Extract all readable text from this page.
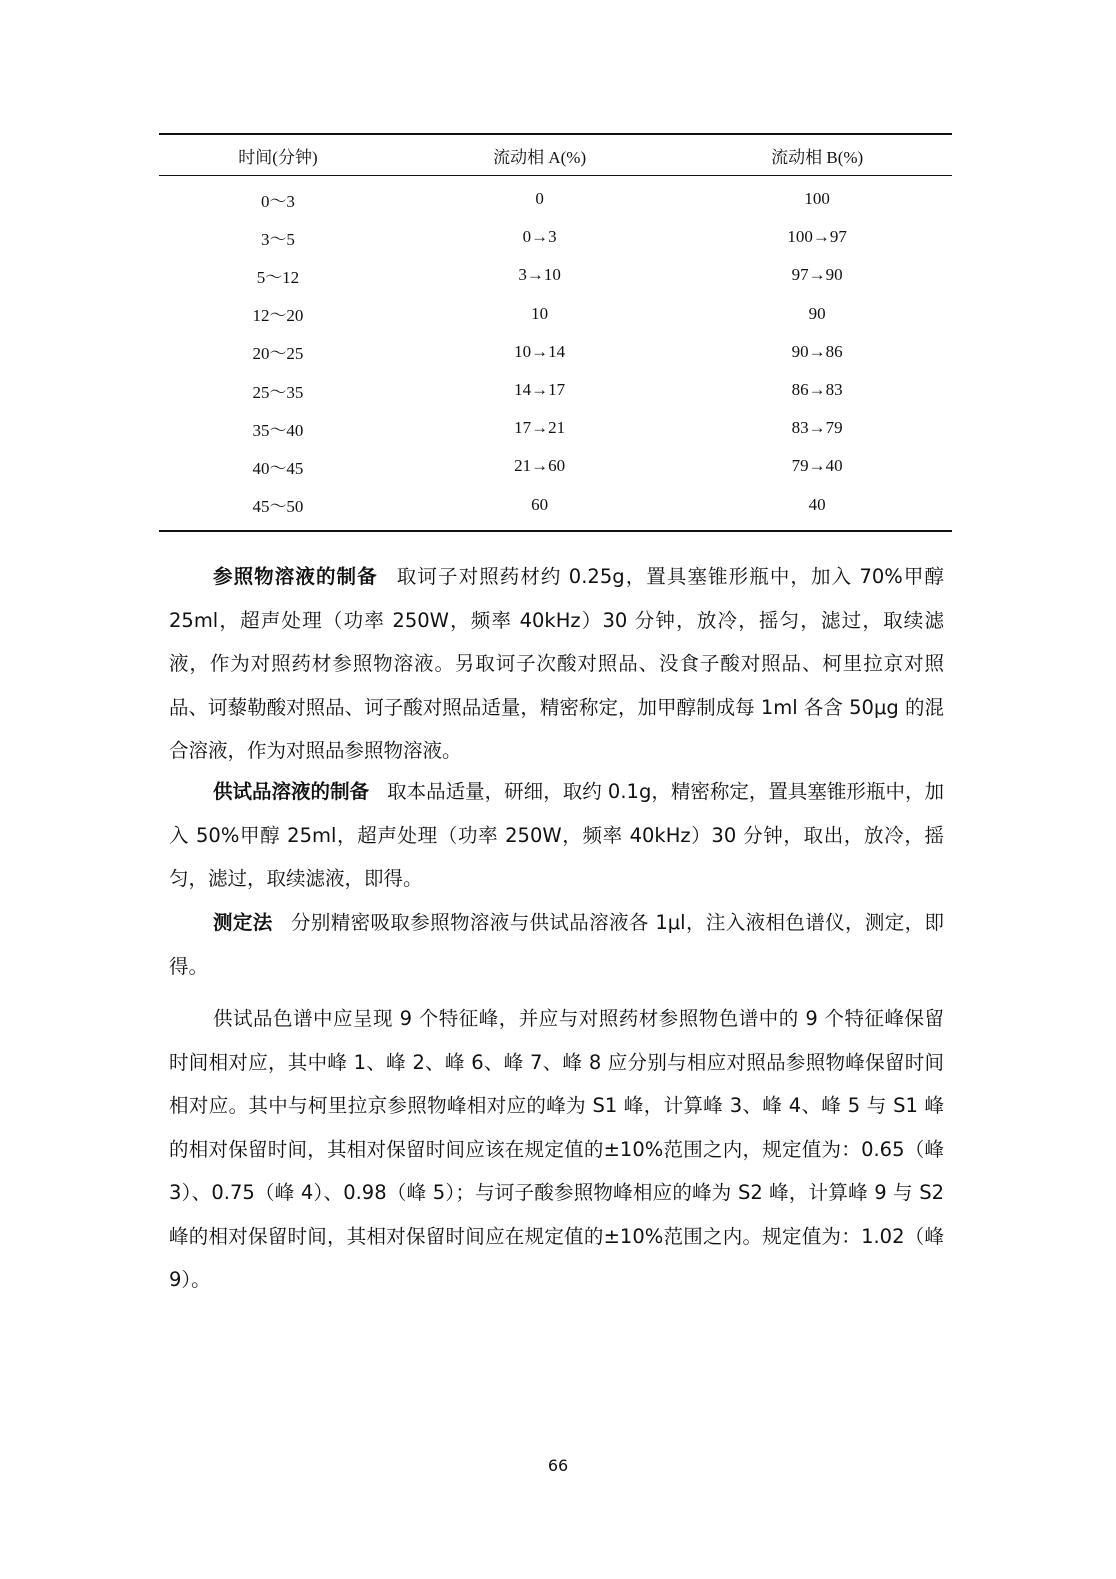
时间(分钟)	流动相 A(%)	流动相 B(%)
0～3	0	100
3～5	0→3	100→97
5～12	3→10	97→90
12～20	10	90
20～25	10→14	90→86
25～35	14→17	86→83
35～40	17→21	83→79
40～45	21→60	79→40
45～50	60	40

参照物溶液的制备 取诃子对照药材约 0.25g，置具塞锥形瓶中，加入 70%甲醇 25ml，超声处理（功率 250W，频率 40kHz）30 分钟，放冷，摇匀，滤过，取续滤液，作为对照药材参照物溶液。另取诃子次酸对照品、没食子酸对照品、柯里拉京对照品、诃藜勒酸对照品、诃子酸对照品适量，精密称定，加甲醇制成每 1ml 各含 50μg 的混合溶液，作为对照品参照物溶液。

供试品溶液的制备 取本品适量，研细，取约 0.1g，精密称定，置具塞锥形瓶中，加入 50%甲醇 25ml，超声处理（功率 250W，频率 40kHz）30 分钟，取出，放冷，摇匀，滤过，取续滤液，即得。

测定法 分别精密吸取参照物溶液与供试品溶液各 1μl，注入液相色谱仪，测定，即得。

供试品色谱中应呈现 9 个特征峰，并应与对照药材参照物色谱中的 9 个特征峰保留时间相对应，其中峰 1、峰 2、峰 6、峰 7、峰 8 应分别与相应对照品参照物峰保留时间相对应。其中与柯里拉京参照物峰相对应的峰为 S1 峰，计算峰 3、峰 4、峰 5 与 S1 峰的相对保留时间，其相对保留时间应该在规定值的±10%范围之内，规定值为：0.65（峰 3）、0.75（峰 4）、0.98（峰 5）；与诃子酸参照物峰相应的峰为 S2 峰，计算峰 9 与 S2 峰的相对保留时间，其相对保留时间应在规定值的±10%范围之内。规定值为：1.02（峰 9）。

66
